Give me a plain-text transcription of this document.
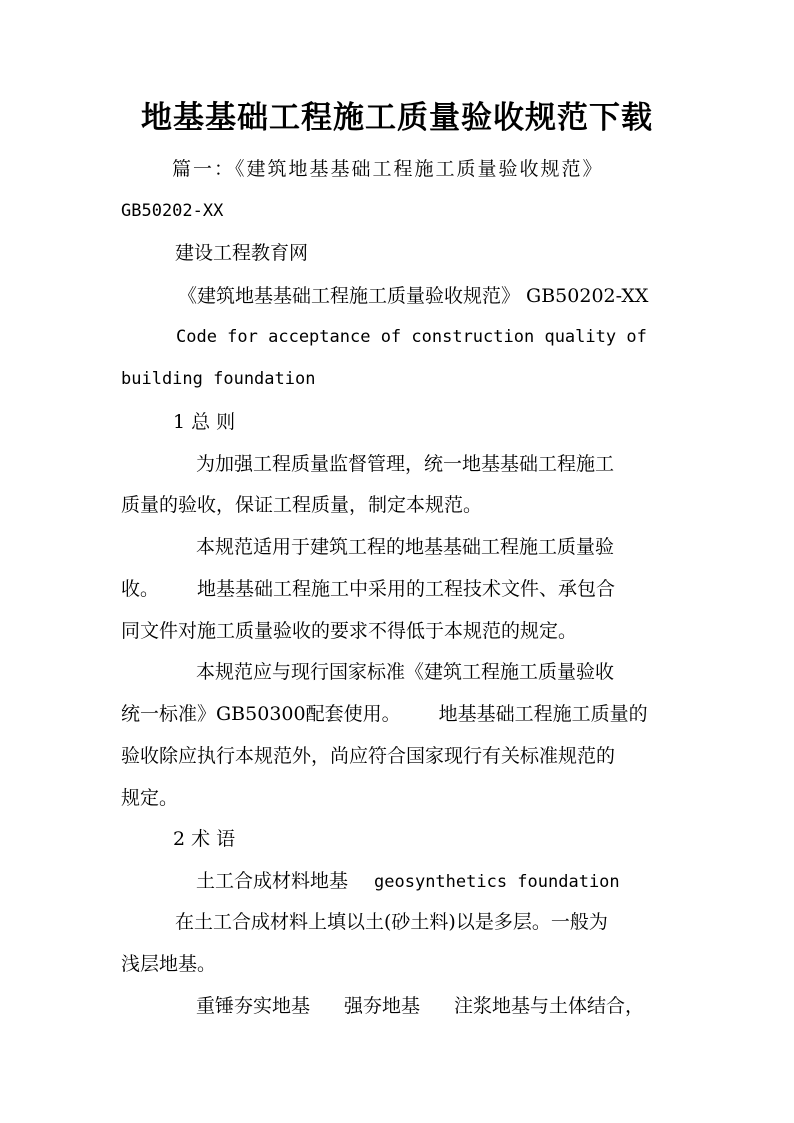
地基基础工程施工质量验收规范下载
篇一：《建筑地基基础工程施工质量验收规范》
GB50202-XX
建设工程教育网
《建筑地基基础工程施工质量验收规范》 GB50202-XX
Code for acceptance of construction quality of
building foundation
1 总 则
为加强工程质量监督管理，统一地基基础工程施工
质量的验收，保证工程质量，制定本规范。
本规范适用于建筑工程的地基基础工程施工质量验
收。 地基基础工程施工中采用的工程技术文件、承包合
同文件对施工质量验收的要求不得低于本规范的规定。
本规范应与现行国家标准《建筑工程施工质量验收
统一标准》GB50300配套使用。 地基基础工程施工质量的
验收除应执行本规范外，尚应符合国家现行有关标准规范的
规定。
2 术 语
土工合成材料地基 geosynthetics foundation
在土工合成材料上填以土(砂土料)以是多层。一般为
浅层地基。
重锤夯实地基 强夯地基 注浆地基与土体结合，
